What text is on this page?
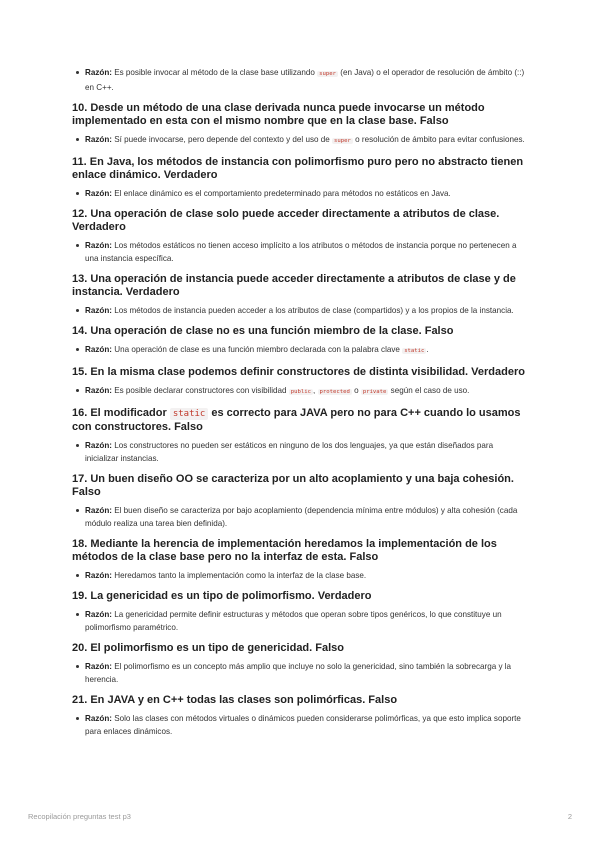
Razón: Es posible invocar al método de la clase base utilizando super (en Java) o el operador de resolución de ámbito (::) en C++.
10. Desde un método de una clase derivada nunca puede invocarse un método implementado en esta con el mismo nombre que en la clase base. Falso
Razón: Sí puede invocarse, pero depende del contexto y del uso de super o resolución de ámbito para evitar confusiones.
11. En Java, los métodos de instancia con polimorfismo puro pero no abstracto tienen enlace dinámico. Verdadero
Razón: El enlace dinámico es el comportamiento predeterminado para métodos no estáticos en Java.
12. Una operación de clase solo puede acceder directamente a atributos de clase. Verdadero
Razón: Los métodos estáticos no tienen acceso implícito a los atributos o métodos de instancia porque no pertenecen a una instancia específica.
13. Una operación de instancia puede acceder directamente a atributos de clase y de instancia. Verdadero
Razón: Los métodos de instancia pueden acceder a los atributos de clase (compartidos) y a los propios de la instancia.
14. Una operación de clase no es una función miembro de la clase. Falso
Razón: Una operación de clase es una función miembro declarada con la palabra clave static .
15. En la misma clase podemos definir constructores de distinta visibilidad. Verdadero
Razón: Es posible declarar constructores con visibilidad public , protected o private según el caso de uso.
16. El modificador static es correcto para JAVA pero no para C++ cuando lo usamos con constructores. Falso
Razón: Los constructores no pueden ser estáticos en ninguno de los dos lenguajes, ya que están diseñados para inicializar instancias.
17. Un buen diseño OO se caracteriza por un alto acoplamiento y una baja cohesión. Falso
Razón: El buen diseño se caracteriza por bajo acoplamiento (dependencia mínima entre módulos) y alta cohesión (cada módulo realiza una tarea bien definida).
18. Mediante la herencia de implementación heredamos la implementación de los métodos de la clase base pero no la interfaz de esta. Falso
Razón: Heredamos tanto la implementación como la interfaz de la clase base.
19. La genericidad es un tipo de polimorfismo. Verdadero
Razón: La genericidad permite definir estructuras y métodos que operan sobre tipos genéricos, lo que constituye un polimorfismo paramétrico.
20. El polimorfismo es un tipo de genericidad. Falso
Razón: El polimorfismo es un concepto más amplio que incluye no solo la genericidad, sino también la sobrecarga y la herencia.
21. En JAVA y en C++ todas las clases son polimórficas. Falso
Razón: Solo las clases con métodos virtuales o dinámicos pueden considerarse polimórficas, ya que esto implica soporte para enlaces dinámicos.
Recopilación preguntas test p3	2
